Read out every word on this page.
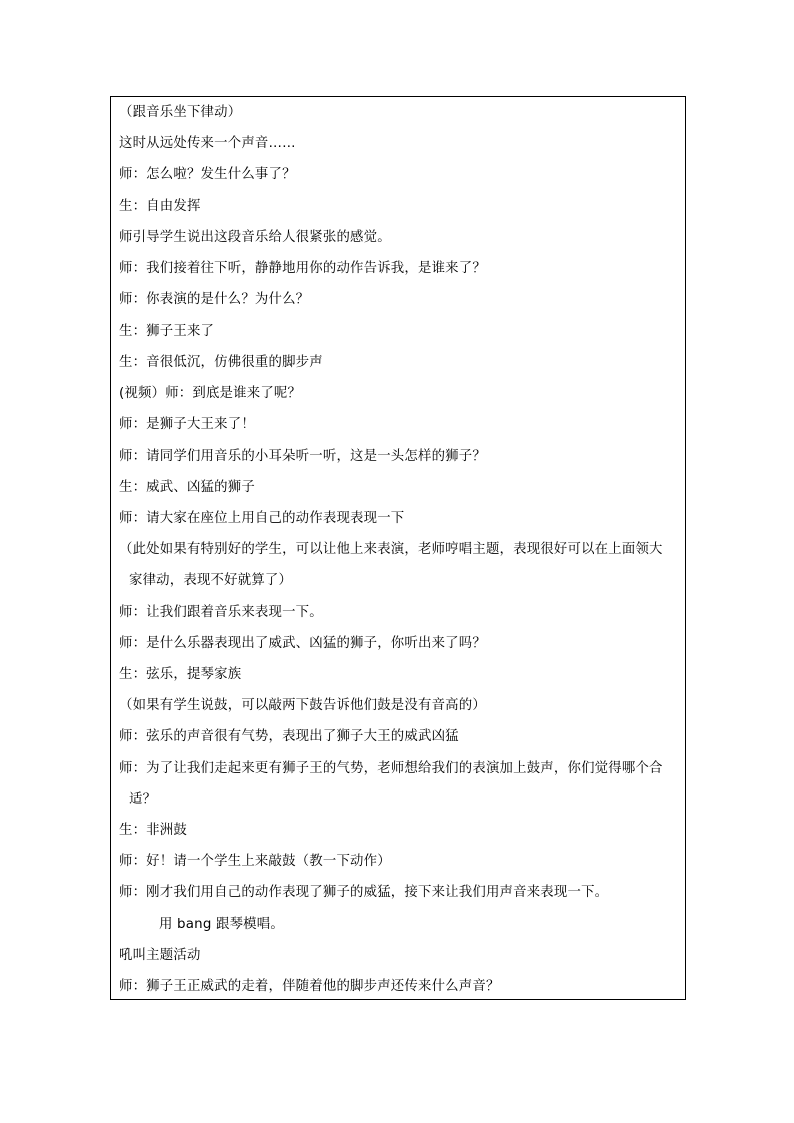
（跟音乐坐下律动）
这时从远处传来一个声音……
师：怎么啦？发生什么事了？
生：自由发挥
师引导学生说出这段音乐给人很紧张的感觉。
师：我们接着往下听，静静地用你的动作告诉我，是谁来了？
师：你表演的是什么？为什么？
生：狮子王来了
生：音很低沉，仿佛很重的脚步声
(视频）师：到底是谁来了呢？
师：是狮子大王来了！
师：请同学们用音乐的小耳朵听一听，这是一头怎样的狮子？
生：威武、凶猛的狮子
师：请大家在座位上用自己的动作表现表现一下
（此处如果有特别好的学生，可以让他上来表演，老师哼唱主题，表现很好可以在上面领大
家律动，表现不好就算了）
师：让我们跟着音乐来表现一下。
师：是什么乐器表现出了威武、凶猛的狮子，你听出来了吗？
生：弦乐，提琴家族
（如果有学生说鼓，可以敲两下鼓告诉他们鼓是没有音高的）
师：弦乐的声音很有气势，表现出了狮子大王的威武凶猛
师：为了让我们走起来更有狮子王的气势，老师想给我们的表演加上鼓声，你们觉得哪个合
适？
生：非洲鼓
师：好！请一个学生上来敲鼓（教一下动作）
师：刚才我们用自己的动作表现了狮子的威猛，接下来让我们用声音来表现一下。
用 bang 跟琴模唱。
吼叫主题活动
师：狮子王正威武的走着，伴随着他的脚步声还传来什么声音？
